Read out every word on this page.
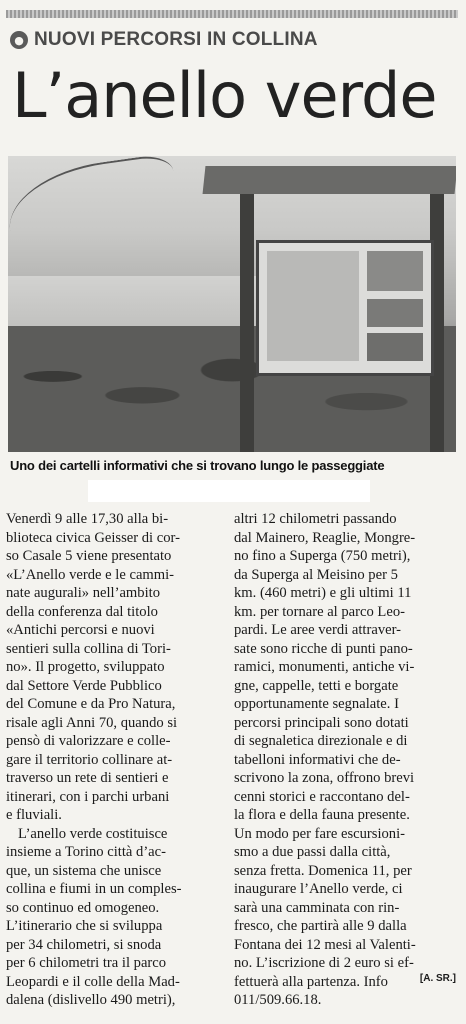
● NUOVI PERCORSI IN COLLINA
L’anello verde
Uno dei cartelli informativi che si trovano lungo le passeggiate
Venerdì 9 alle 17,30 alla bi-
blioteca civica Geisser di cor-
so Casale 5 viene presentato
«L’Anello verde e le cammi-
nate augurali» nell’ambito
della conferenza dal titolo
«Antichi percorsi e nuovi
sentieri sulla collina di Tori-
no». Il progetto, sviluppato
dal Settore Verde Pubblico
del Comune e da Pro Natura,
risale agli Anni 70, quando si
pensò di valorizzare e colle-
gare il territorio collinare at-
traverso un rete di sentieri e
itinerari, con i parchi urbani
e fluviali.
L’anello verde costituisce
insieme a Torino città d’ac-
que, un sistema che unisce
collina e fiumi in un comples-
so continuo ed omogeneo.
L’itinerario che si sviluppa
per 34 chilometri, si snoda
per 6 chilometri tra il parco
Leopardi e il colle della Mad-
dalena (dislivello 490 metri),
altri 12 chilometri passando
dal Mainero, Reaglie, Mongre-
no fino a Superga (750 metri),
da Superga al Meisino per 5
km. (460 metri) e gli ultimi 11
km. per tornare al parco Leo-
pardi. Le aree verdi attraver-
sate sono ricche di punti pano-
ramici, monumenti, antiche vi-
gne, cappelle, tetti e borgate
opportunamente segnalate. I
percorsi principali sono dotati
di segnaletica direzionale e di
tabelloni informativi che de-
scrivono la zona, offrono brevi
cenni storici e raccontano del-
la flora e della fauna presente.
Un modo per fare escursioni-
smo a due passi dalla città,
senza fretta. Domenica 11, per
inaugurare l’Anello verde, ci
sarà una camminata con rin-
fresco, che partirà alle 9 dalla
Fontana dei 12 mesi al Valenti-
no. L’iscrizione di 2 euro si ef-
fettuerà alla partenza. Info
011/509.66.18.
[A. SR.]
